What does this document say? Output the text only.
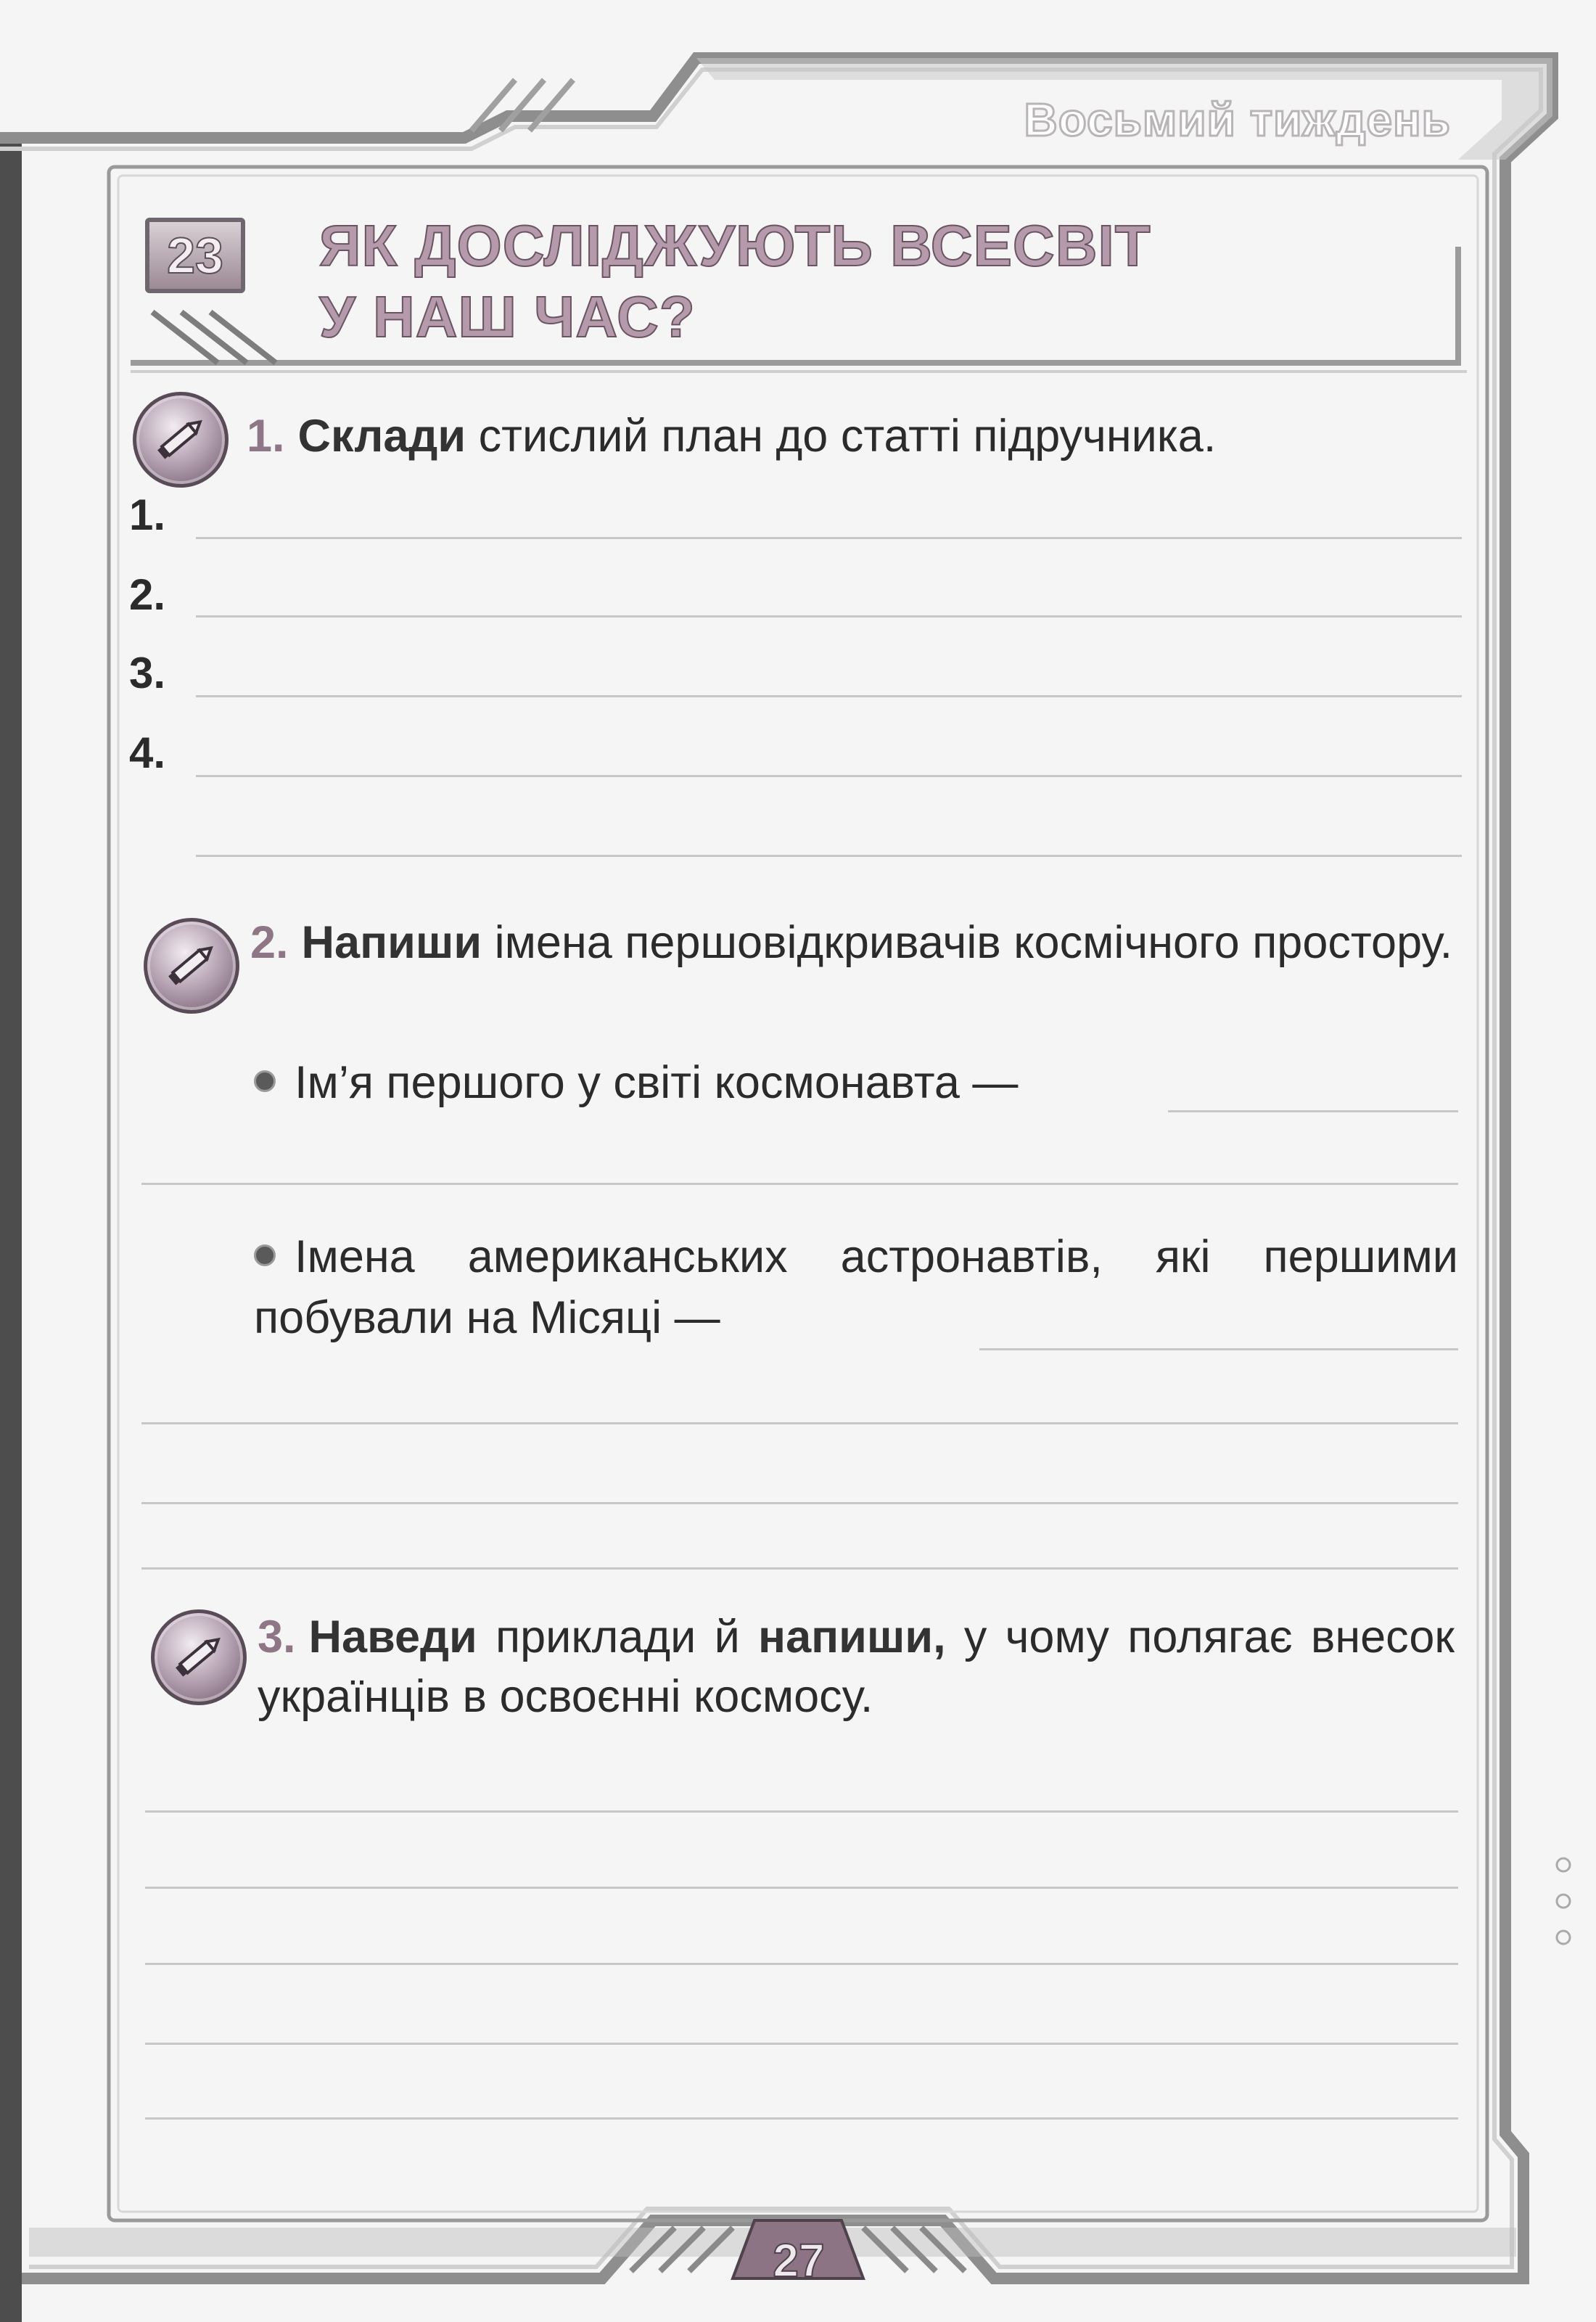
Восьмий тиждень
23	ЯК ДОСЛІДЖУЮТЬ ВСЕСВІТ
У НАШ ЧАС?
1. Склади стислий план до статті підручника.
1.
2.
3.
4.
2. Напиши імена першовідкривачів космічного простору.
Ім’я першого у світі космонавта —
Імена американських астронавтів, які першими побували на Місяці —
3. Наведи приклади й напиши, у чому полягає внесок українців в освоєнні космосу.
27
